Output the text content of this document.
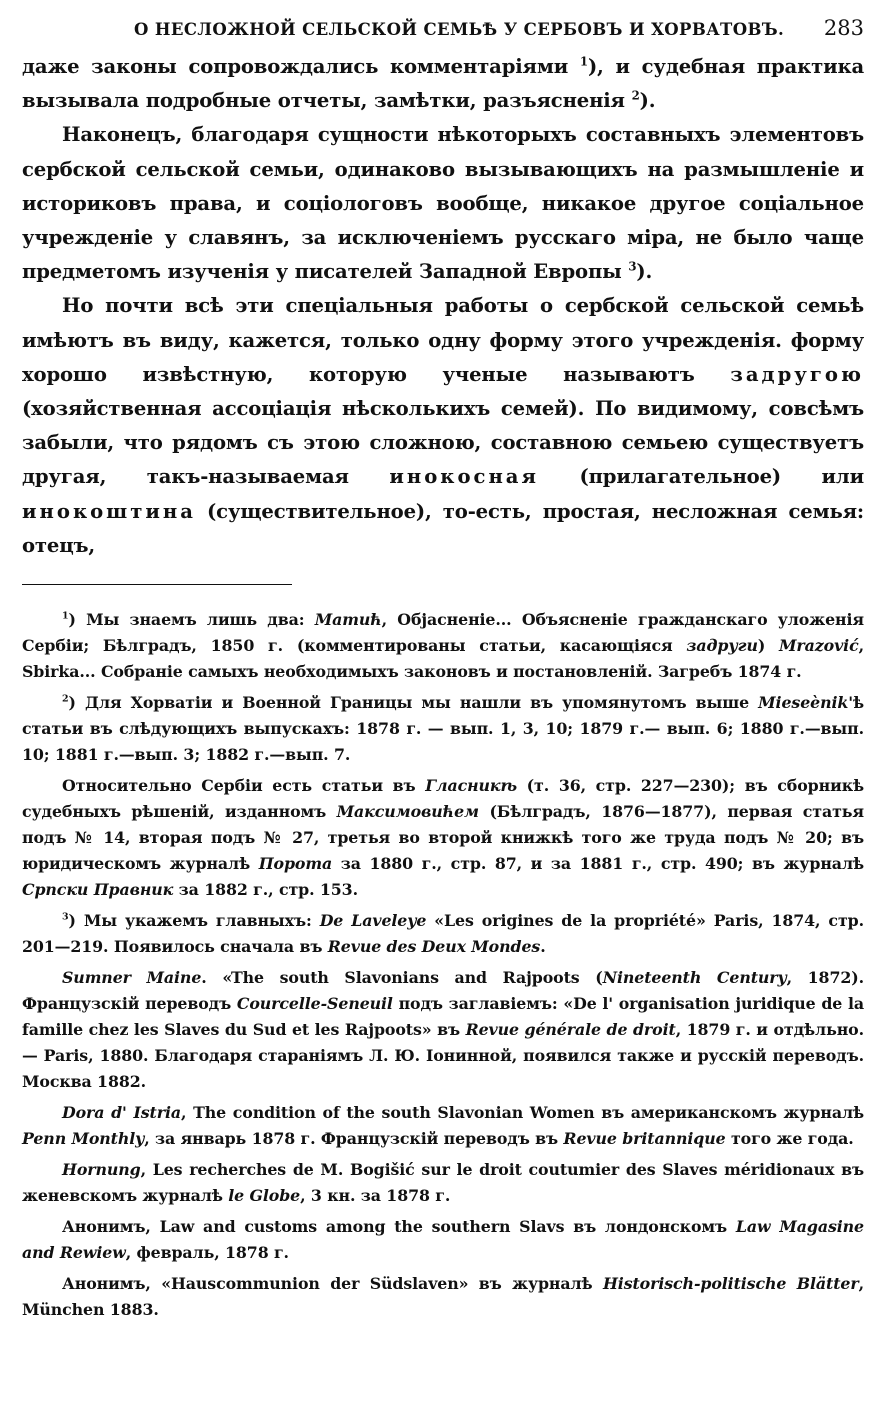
О НЕСЛОЖНОЙ СЕЛЬСКОЙ СЕМЬѢ У СЕРБОВЪ И ХОРВАТОВЪ. 283

даже законы сопровождались комментаріями $^1$), и судебная практика вызывала подробные отчеты, замѣтки, разъясненія $^2$).

Наконецъ, благодаря сущности нѣкоторыхъ составныхъ элементовъ сербской сельской семьи, одинаково вызывающихъ на размышленіе и историковъ права, и соціологовъ вообще, никакое другое соціальное учрежденіе у славянъ, за исключеніемъ русскаго міра, не было чаще предметомъ изученія у писателей Западной Европы $^3$).

Но почти всѣ эти спеціальныя работы о сербской сельской семьѣ имѣютъ въ виду, кажется, только одну форму этого учрежденія. форму хорошо извѣстную, которую ученые называютъ задругою (хозяйственная ассоціація нѣсколькихъ семей). По видимому, совсѣмъ забыли, что рядомъ съ этою сложною, составною семьею существуетъ другая, такъ-называемая инокосная (прилагательное) или инокоштина (существительное), то-есть, простая, несложная семья: отецъ,

$^1$) Мы знаемъ лишь два: Матић, Објасненіе... Объясненіе гражданскаго уложенія Сербіи; Бѣлградъ, 1850 г. (комментированы статьи, касающіяся задруги) Mrazović, Sbirka... Собраніе самыхъ необходимыхъ законовъ и постановленій. Загребъ 1874 г.

$^2$) Для Хорватіи и Военной Границы мы нашли въ упомянутомъ выше Mieseènik'ѣ статьи въ слѣдующихъ выпускахъ: 1878 г. — вып. 1, 3, 10; 1879 г.— вып. 6; 1880 г.—вып. 10; 1881 г.—вып. 3; 1882 г.—вып. 7.

Относительно Сербіи есть статьи въ Гласникѣ (т. 36, стр. 227—230); въ сборникѣ судебныхъ рѣшеній, изданномъ Максимовићем (Бѣлградъ, 1876—1877), первая статья подъ № 14, вторая подъ № 27, третья во второй книжкѣ того же труда подъ № 20; въ юридическомъ журналѣ Порота за 1880 г., стр. 87, и за 1881 г., стр. 490; въ журналѣ Српски Правник за 1882 г., стр. 153.

$^3$) Мы укажемъ главныхъ: De Laveleye «Les origines de la propriété» Paris, 1874, стр. 201—219. Появилось сначала въ Revue des Deux Mondes.

Sumner Maine. «The south Slavonians and Rajpoots (Nineteenth Century, 1872). Французскій переводъ Courcelle-Seneuil подъ заглавіемъ: «De l' organisation juridique de la famille chez les Slaves du Sud et les Rajpoots» въ Revue générale de droit, 1879 г. и отдѣльно. — Paris, 1880. Благодаря стараніямъ Л. Ю. Іонинной, появился также и русскій переводъ. Москва 1882.

Dora d' Istria, The condition of the south Slavonian Women въ американскомъ журналѣ Penn Monthly, за январь 1878 г. Французскій переводъ въ Revue britannique того же года.

Hornung, Les recherches de M. Bogišić sur le droit coutumier des Slaves méridionaux въ женевскомъ журналѣ le Globe, 3 кн. за 1878 г.

Анонимъ, Law and customs among the southern Slavs въ лондонскомъ Law Magasine and Rewiew, февраль, 1878 г.

Анонимъ, «Hauscommunion der Südslaven» въ журналѣ Historisch-politische Blätter, München 1883.
